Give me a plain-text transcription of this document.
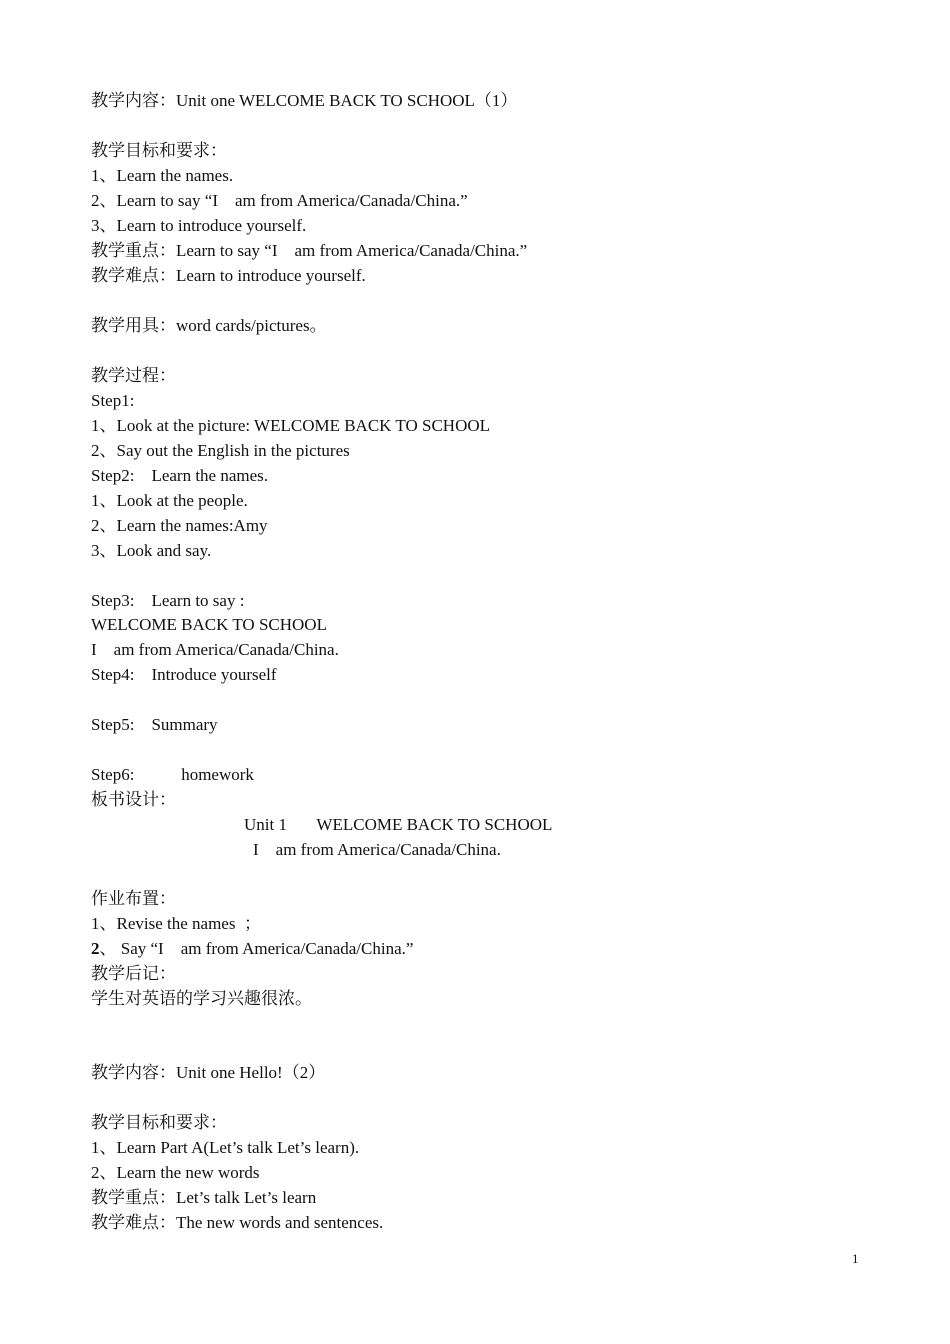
教学内容：Unit one WELCOME BACK TO SCHOOL（1）
教学目标和要求：
1、Learn the names.
2、Learn to say “I    am from America/Canada/China.”
3、Learn to introduce yourself.
教学重点：Learn to say “I    am from America/Canada/China.”
教学难点：Learn to introduce yourself.
教学用具：word cards/pictures。
教学过程：
Step1:
1、Look at the picture: WELCOME BACK TO SCHOOL
2、Say out the English in the pictures
Step2:    Learn the names.
1、Look at the people.
2、Learn the names:Amy
3、Look and say.
Step3:    Learn to say :
WELCOME BACK TO SCHOOL
I    am from America/Canada/China.
Step4:    Introduce yourself
Step5:    Summary
Step6:           homework
板书设计：
Unit 1       WELCOME BACK TO SCHOOL
I    am from America/Canada/China.
作业布置：
1、Revise the names  ；
2、 Say “I    am from America/Canada/China.”
教学后记：
学生对英语的学习兴趣很浓。
教学内容：Unit one Hello!（2）
教学目标和要求：
1、Learn Part A(Let’s talk Let’s learn).
2、Learn the new words
教学重点：Let’s talk Let’s learn
教学难点：The new words and sentences.
1
